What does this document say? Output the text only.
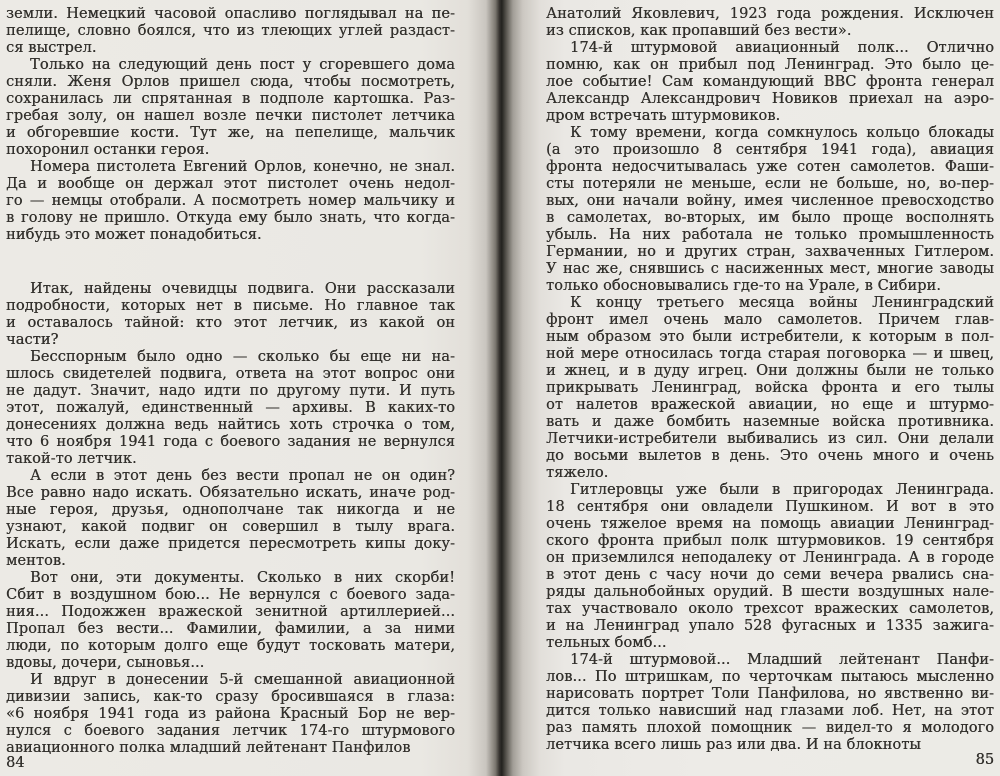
земли. Немецкий часовой опасливо поглядывал на пе-
пелище, словно боялся, что из тлеющих углей раздаст-
ся выстрел.
Только на следующий день пост у сгоревшего дома
сняли. Женя Орлов пришел сюда, чтобы посмотреть,
сохранилась ли спрятанная в подполе картошка. Раз-
гребая золу, он нашел возле печки пистолет летчика
и обгоревшие кости. Тут же, на пепелище, мальчик
похоронил останки героя.
Номера пистолета Евгений Орлов, конечно, не знал.
Да и вообще он держал этот пистолет очень недол-
го — немцы отобрали. А посмотреть номер мальчику и
в голову не пришло. Откуда ему было знать, что когда-
нибудь это может понадобиться.
Итак, найдены очевидцы подвига. Они рассказали
подробности, которых нет в письме. Но главное так
и оставалось тайной: кто этот летчик, из какой он
части?
Бесспорным было одно — сколько бы еще ни на-
шлось свидетелей подвига, ответа на этот вопрос они
не дадут. Значит, надо идти по другому пути. И путь
этот, пожалуй, единственный — архивы. В каких-то
донесениях должна ведь найтись хоть строчка о том,
что 6 ноября 1941 года с боевого задания не вернулся
такой-то летчик.
А если в этот день без вести пропал не он один?
Все равно надо искать. Обязательно искать, иначе род-
ные героя, друзья, однополчане так никогда и не
узнают, какой подвиг он совершил в тылу врага.
Искать, если даже придется пересмотреть кипы доку-
ментов.
Вот они, эти документы. Сколько в них скорби!
Сбит в воздушном бою... Не вернулся с боевого зада-
ния... Подожжен вражеской зенитной артиллерией...
Пропал без вести... Фамилии, фамилии, а за ними
люди, по которым долго еще будут тосковать матери,
вдовы, дочери, сыновья...
И вдруг в донесении 5-й смешанной авиационной
дивизии запись, как-то сразу бросившаяся в глаза:
«6 ноября 1941 года из района Красный Бор не вер-
нулся с боевого задания летчик 174-го штурмового
авиационного полка младший лейтенант Панфилов
Анатолий Яковлевич, 1923 года рождения. Исключен
из списков, как пропавший без вести».
174-й штурмовой авиационный полк... Отлично
помню, как он прибыл под Ленинград. Это было це-
лое событие! Сам командующий ВВС фронта генерал
Александр Александрович Новиков приехал на аэро-
дром встречать штурмовиков.
К тому времени, когда сомкнулось кольцо блокады
(а это произошло 8 сентября 1941 года), авиация
фронта недосчитывалась уже сотен самолетов. Фаши-
сты потеряли не меньше, если не больше, но, во-пер-
вых, они начали войну, имея численное превосходство
в самолетах, во-вторых, им было проще восполнять
убыль. На них работала не только промышленность
Германии, но и других стран, захваченных Гитлером.
У нас же, снявшись с насиженных мест, многие заводы
только обосновывались где-то на Урале, в Сибири.
К концу третьего месяца войны Ленинградский
фронт имел очень мало самолетов. Причем глав-
ным образом это были истребители, к которым в пол-
ной мере относилась тогда старая поговорка — и швец,
и жнец, и в дуду игрец. Они должны были не только
прикрывать Ленинград, войска фронта и его тылы
от налетов вражеской авиации, но еще и штурмо-
вать и даже бомбить наземные войска противника.
Летчики-истребители выбивались из сил. Они делали
до восьми вылетов в день. Это очень много и очень
тяжело.
Гитлеровцы уже были в пригородах Ленинграда.
18 сентября они овладели Пушкином. И вот в это
очень тяжелое время на помощь авиации Ленинград-
ского фронта прибыл полк штурмовиков. 19 сентября
он приземлился неподалеку от Ленинграда. А в городе
в этот день с часу ночи до семи вечера рвались сна-
ряды дальнобойных орудий. В шести воздушных нале-
тах участвовало около трехсот вражеских самолетов,
и на Ленинград упало 528 фугасных и 1335 зажига-
тельных бомб...
174-й штурмовой... Младший лейтенант Панфи-
лов... По штришкам, по черточкам пытаюсь мысленно
нарисовать портрет Толи Панфилова, но явственно ви-
дится только нависший над глазами лоб. Нет, на этот
раз память плохой помощник — видел-то я молодого
летчика всего лишь раз или два. И на блокноты
84	85
